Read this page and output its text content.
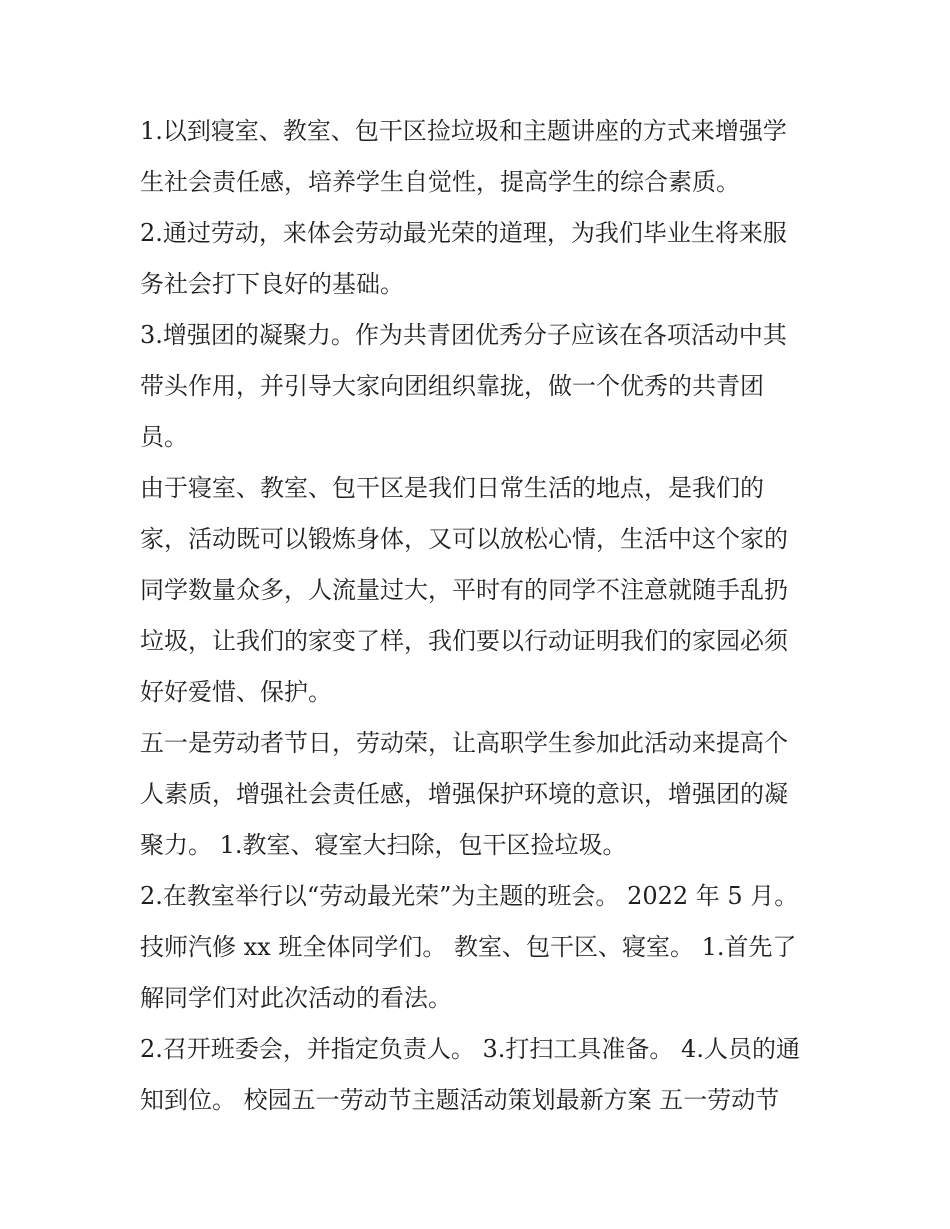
1.以到寝室、教室、包干区捡垃圾和主题讲座的方式来增强学
生社会责任感，培养学生自觉性，提高学生的综合素质。

2.通过劳动，来体会劳动最光荣的道理，为我们毕业生将来服
务社会打下良好的基础。

3.增强团的凝聚力。作为共青团优秀分子应该在各项活动中其
带头作用，并引导大家向团组织靠拢，做一个优秀的共青团
员。

由于寝室、教室、包干区是我们日常生活的地点，是我们的
家，活动既可以锻炼身体，又可以放松心情，生活中这个家的
同学数量众多，人流量过大，平时有的同学不注意就随手乱扔
垃圾，让我们的家变了样，我们要以行动证明我们的家园必须
好好爱惜、保护。

五一是劳动者节日，劳动荣，让高职学生参加此活动来提高个
人素质，增强社会责任感，增强保护环境的意识，增强团的凝
聚力。 1.教室、寝室大扫除，包干区捡垃圾。

2.在教室举行以“劳动最光荣”为主题的班会。 2022 年 5 月。

技师汽修 xx 班全体同学们。 教室、包干区、寝室。 1.首先了
解同学们对此次活动的看法。

2.召开班委会，并指定负责人。 3.打扫工具准备。 4.人员的通
知到位。 校园五一劳动节主题活动策划最新方案 五一劳动节
